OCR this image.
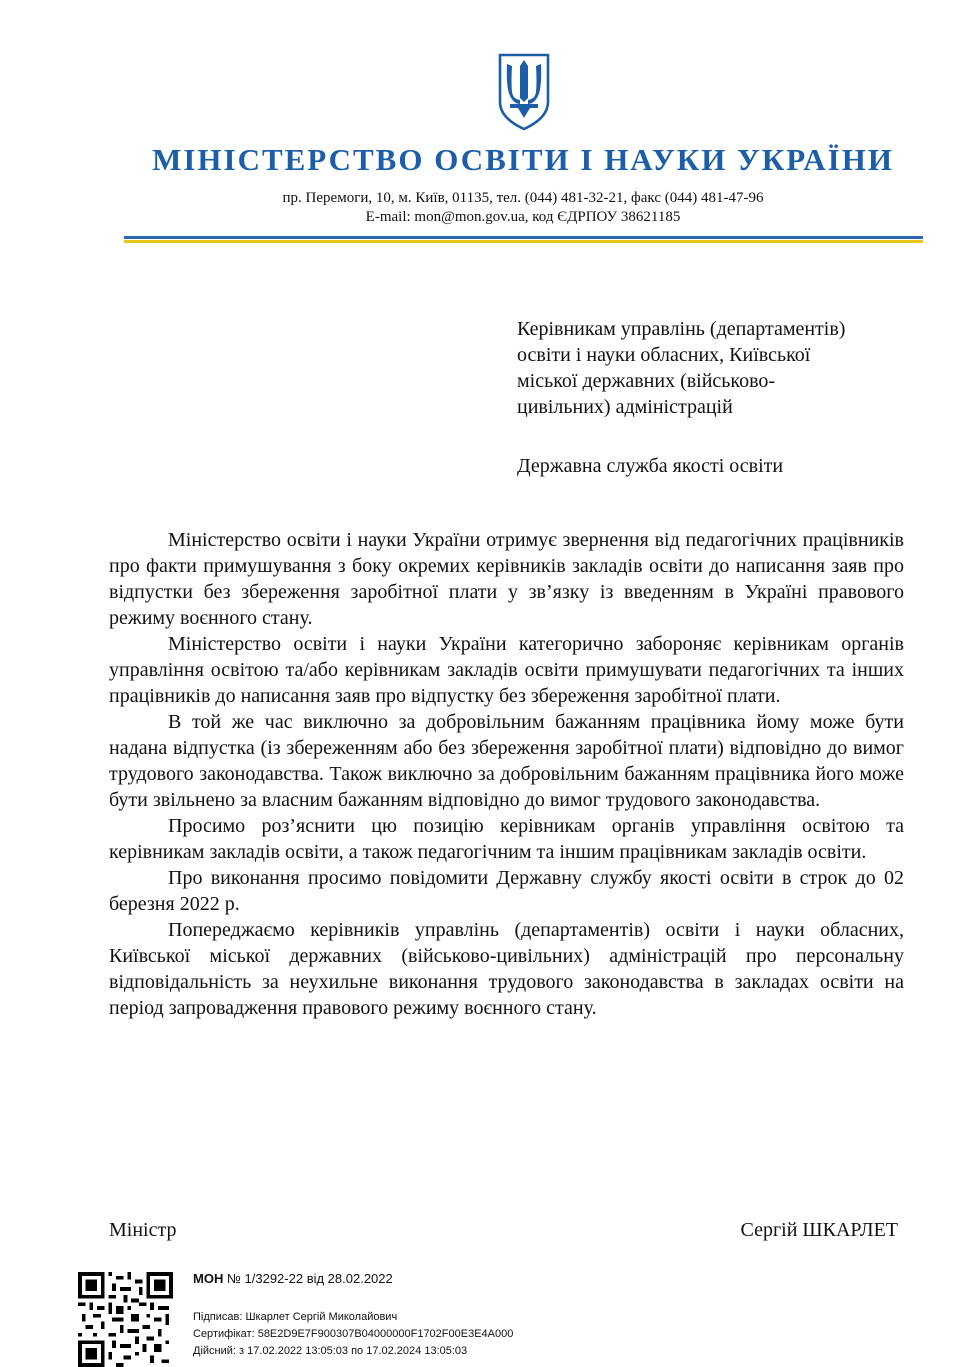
МІНІСТЕРСТВО ОСВІТИ І НАУКИ УКРАЇНИ
пр. Перемоги, 10, м. Київ, 01135, тел. (044) 481-32-21, факс (044) 481-47-96
E-mail: mon@mon.gov.ua, код ЄДРПОУ 38621185
Керівникам управлінь (департаментів)
освіти і науки обласних, Київської
міської державних (військово-
цивільних) адміністрацій
Державна служба якості освіти

Міністерство освіти і науки України отримує звернення від педагогічних працівників про факти примушування з боку окремих керівників закладів освіти до написання заяв про відпустки без збереження заробітної плати у зв’язку із введенням в Україні правового режиму воєнного стану.

Міністерство освіти і науки України категорично забороняє керівникам органів управління освітою та/або керівникам закладів освіти примушувати педагогічних та інших працівників до написання заяв про відпустку без збереження заробітної плати.

В той же час виключно за добровільним бажанням працівника йому може бути надана відпустка (із збереженням або без збереження заробітної плати) відповідно до вимог трудового законодавства. Також виключно за добровільним бажанням працівника його може бути звільнено за власним бажанням відповідно до вимог трудового законодавства.

Просимо роз’яснити цю позицію керівникам органів управління освітою та керівникам закладів освіти, а також педагогічним та іншим працівникам закладів освіти.

Про виконання просимо повідомити Державну службу якості освіти в строк до 02 березня 2022 р.

Попереджаємо керівників управлінь (департаментів) освіти і науки обласних, Київської міської державних (військово-цивільних) адміністрацій про персональну відповідальність за неухильне виконання трудового законодавства в закладах освіти на період запровадження правового режиму воєнного стану.

Міністр	Сергій ШКАРЛЕТ
МОН № 1/3292-22 від 28.02.2022
Підписав: Шкарлет Сергій Миколайович
Сертифікат: 58E2D9E7F900307B04000000F1702F00E3E4A000
Дійсний: з 17.02.2022 13:05:03 по 17.02.2024 13:05:03
